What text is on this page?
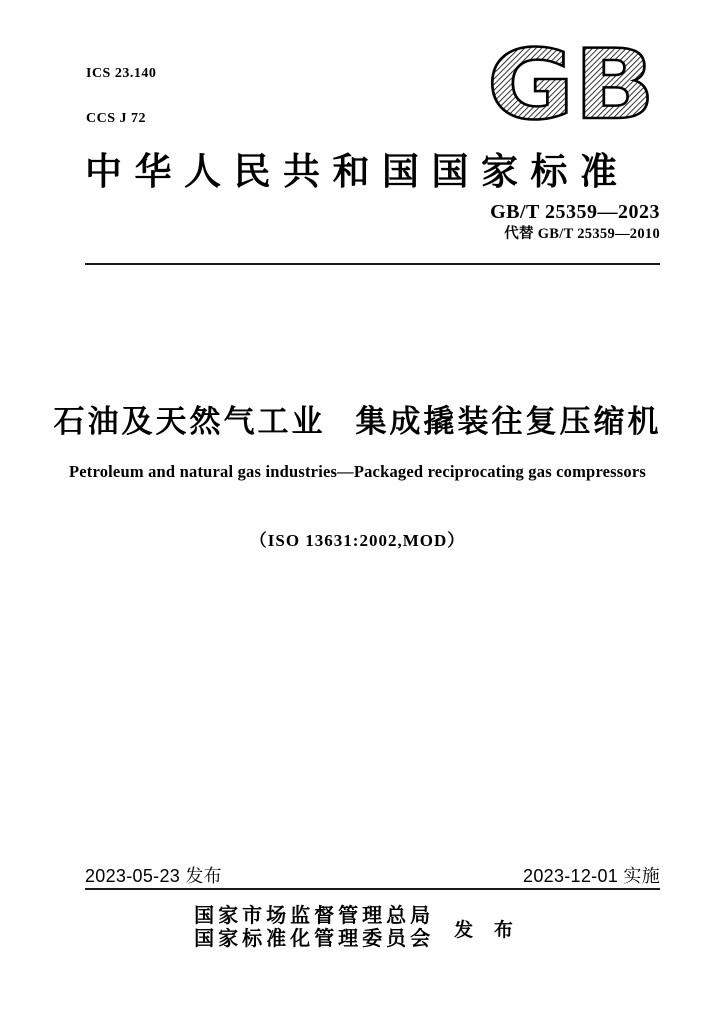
ICS 23.140

CCS J 72

	GB
中华人民共和国国家标准
GB/T 25359—2023
代替 GB/T 25359—2010
石油及天然气工业 集成撬装往复压缩机
Petroleum and natural gas industries—Packaged reciprocating gas compressors
（ISO 13631:2002,MOD）
2023-05-23 发布	2023-12-01 实施
国家市场监督管理总局
国家标准化管理委员会 发 布
